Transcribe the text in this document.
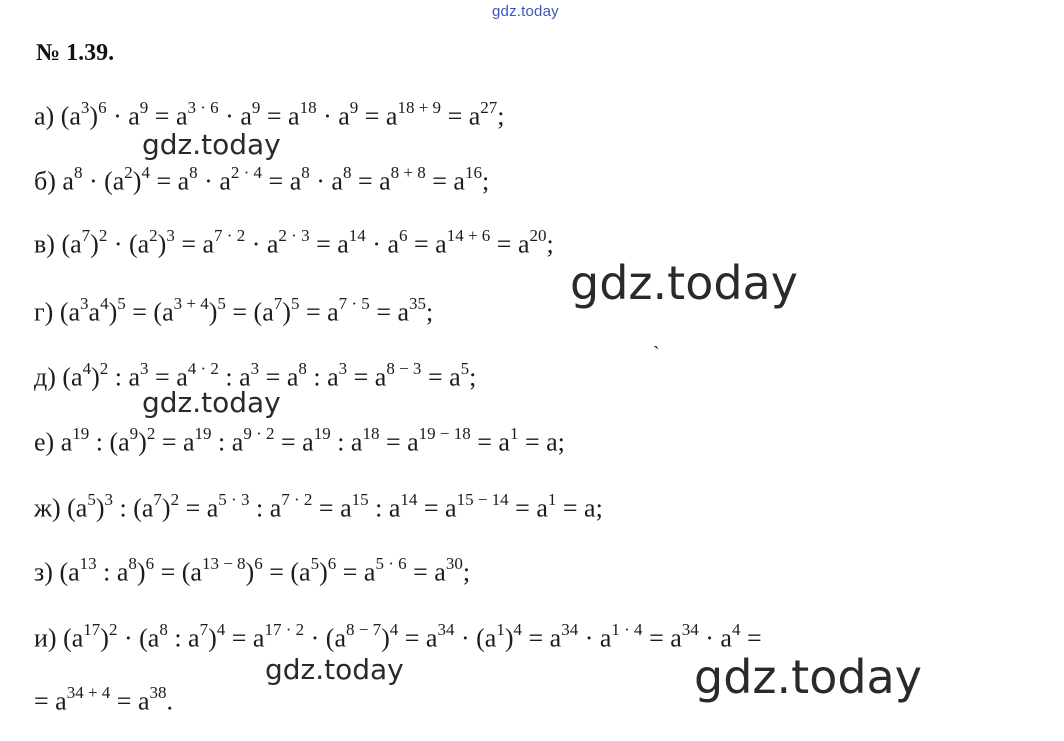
gdz.today
№ 1.39.
а) $(a^3)^6 \cdot a^9 = a^{3 \cdot 6} \cdot a^9 = a^{18} \cdot a^9 = a^{18 + 9} = a^{27}$;
б) $a^8 \cdot (a^2)^4 = a^8 \cdot a^{2 \cdot 4} = a^8 \cdot a^8 = a^{8 + 8} = a^{16}$;
в) $(a^7)^2 \cdot (a^2)^3 = a^{7 \cdot 2} \cdot a^{2 \cdot 3} = a^{14} \cdot a^6 = a^{14 + 6} = a^{20}$;
г) $(a^3a^4)^5 = (a^{3 + 4})^5 = (a^7)^5 = a^{7 \cdot 5} = a^{35}$;
д) $(a^4)^2$ : $a^3 = a^{4 \cdot 2}$ : $a^3 = a^8$ : $a^3 = a^{8 - 3} = a^5$;
е) $a^{19}$ : $(a^9)^2 = a^{19}$ : $a^{9 \cdot 2} = a^{19}$ : $a^{18} = a^{19 - 18} = a^1 = a$;
ж) $(a^5)^3$ : $(a^7)^2 = a^{5 \cdot 3}$ : $a^{7 \cdot 2} = a^{15}$ : $a^{14} = a^{15 - 14} = a^1 = a$;
з) ($a^{13}$ : $a^8)^6 = (a^{13 - 8})^6 = (a^5)^6 = a^{5 \cdot 6} = a^{30}$;
и) $(a^{17})^2 \cdot (a^8$ : $a^7)^4 = a^{17 \cdot 2} \cdot (a^{8 - 7})^4 = a^{34} \cdot (a^1)^4 = a^{34} \cdot a^{1 \cdot 4} = a^{34} \cdot a^4$ =
= $a^{34 + 4} = a^{38}$.
gdz.today
gdz.today
gdz.today
gdz.today	gdz.today
`
